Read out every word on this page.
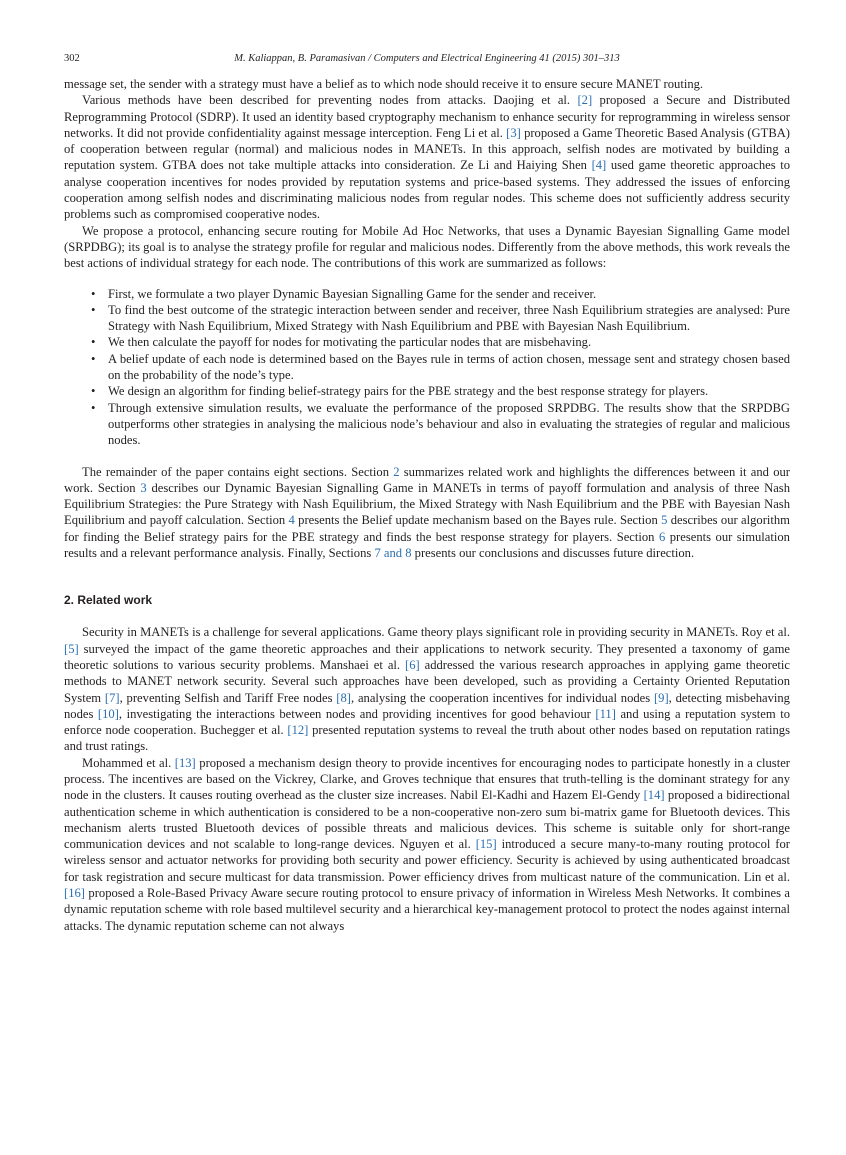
302	M. Kaliappan, B. Paramasivan / Computers and Electrical Engineering 41 (2015) 301–313

message set, the sender with a strategy must have a belief as to which node should receive it to ensure secure MANET routing.

Various methods have been described for preventing nodes from attacks. Daojing et al. [2] proposed a Secure and Distributed Reprogramming Protocol (SDRP). It used an identity based cryptography mechanism to enhance security for reprogramming in wireless sensor networks. It did not provide confidentiality against message interception. Feng Li et al. [3] proposed a Game Theoretic Based Analysis (GTBA) of cooperation between regular (normal) and malicious nodes in MANETs. In this approach, selfish nodes are motivated by building a reputation system. GTBA does not take multiple attacks into consideration. Ze Li and Haiying Shen [4] used game theoretic approaches to analyse cooperation incentives for nodes provided by reputation systems and price-based systems. They addressed the issues of enforcing cooperation among selfish nodes and discriminating malicious nodes from regular nodes. This scheme does not sufficiently address security problems such as compromised cooperative nodes.

We propose a protocol, enhancing secure routing for Mobile Ad Hoc Networks, that uses a Dynamic Bayesian Signalling Game model (SRPDBG); its goal is to analyse the strategy profile for regular and malicious nodes. Differently from the above methods, this work reveals the best actions of individual strategy for each node. The contributions of this work are summarized as follows:

• First, we formulate a two player Dynamic Bayesian Signalling Game for the sender and receiver.
• To find the best outcome of the strategic interaction between sender and receiver, three Nash Equilibrium strategies are analysed: Pure Strategy with Nash Equilibrium, Mixed Strategy with Nash Equilibrium and PBE with Bayesian Nash Equilibrium.
• We then calculate the payoff for nodes for motivating the particular nodes that are misbehaving.
• A belief update of each node is determined based on the Bayes rule in terms of action chosen, message sent and strategy chosen based on the probability of the node’s type.
• We design an algorithm for finding belief-strategy pairs for the PBE strategy and the best response strategy for players.
• Through extensive simulation results, we evaluate the performance of the proposed SRPDBG. The results show that the SRPDBG outperforms other strategies in analysing the malicious node’s behaviour and also in evaluating the strategies of regular and malicious nodes.

The remainder of the paper contains eight sections. Section 2 summarizes related work and highlights the differences between it and our work. Section 3 describes our Dynamic Bayesian Signalling Game in MANETs in terms of payoff formulation and analysis of three Nash Equilibrium Strategies: the Pure Strategy with Nash Equilibrium, the Mixed Strategy with Nash Equilibrium and the PBE with Bayesian Nash Equilibrium and payoff calculation. Section 4 presents the Belief update mechanism based on the Bayes rule. Section 5 describes our algorithm for finding the Belief strategy pairs for the PBE strategy and finds the best response strategy for players. Section 6 presents our simulation results and a relevant performance analysis. Finally, Sections 7 and 8 presents our conclusions and discusses future direction.

2. Related work

Security in MANETs is a challenge for several applications. Game theory plays significant role in providing security in MANETs. Roy et al. [5] surveyed the impact of the game theoretic approaches and their applications to network security. They presented a taxonomy of game theoretic solutions to various security problems. Manshaei et al. [6] addressed the various research approaches in applying game theoretic methods to MANET network security. Several such approaches have been developed, such as providing a Certainty Oriented Reputation System [7], preventing Selfish and Tariff Free nodes [8], analysing the cooperation incentives for individual nodes [9], detecting misbehaving nodes [10], investigating the interactions between nodes and providing incentives for good behaviour [11] and using a reputation system to enforce node cooperation. Buchegger et al. [12] presented reputation systems to reveal the truth about other nodes based on reputation ratings and trust ratings.

Mohammed et al. [13] proposed a mechanism design theory to provide incentives for encouraging nodes to participate honestly in a cluster process. The incentives are based on the Vickrey, Clarke, and Groves technique that ensures that truth-telling is the dominant strategy for any node in the clusters. It causes routing overhead as the cluster size increases. Nabil El-Kadhi and Hazem El-Gendy [14] proposed a bidirectional authentication scheme in which authentication is considered to be a non-cooperative non-zero sum bi-matrix game for Bluetooth devices. This mechanism alerts trusted Bluetooth devices of possible threats and malicious devices. This scheme is suitable only for short-range communication devices and not scalable to long-range devices. Nguyen et al. [15] introduced a secure many-to-many routing protocol for wireless sensor and actuator networks for providing both security and power efficiency. Security is achieved by using authenticated broadcast for task registration and secure multicast for data transmission. Power efficiency drives from multicast nature of the communication. Lin et al. [16] proposed a Role-Based Privacy Aware secure routing protocol to ensure privacy of information in Wireless Mesh Networks. It combines a dynamic reputation scheme with role based multilevel security and a hierarchical key-management protocol to protect the nodes against internal attacks. The dynamic reputation scheme can not always
